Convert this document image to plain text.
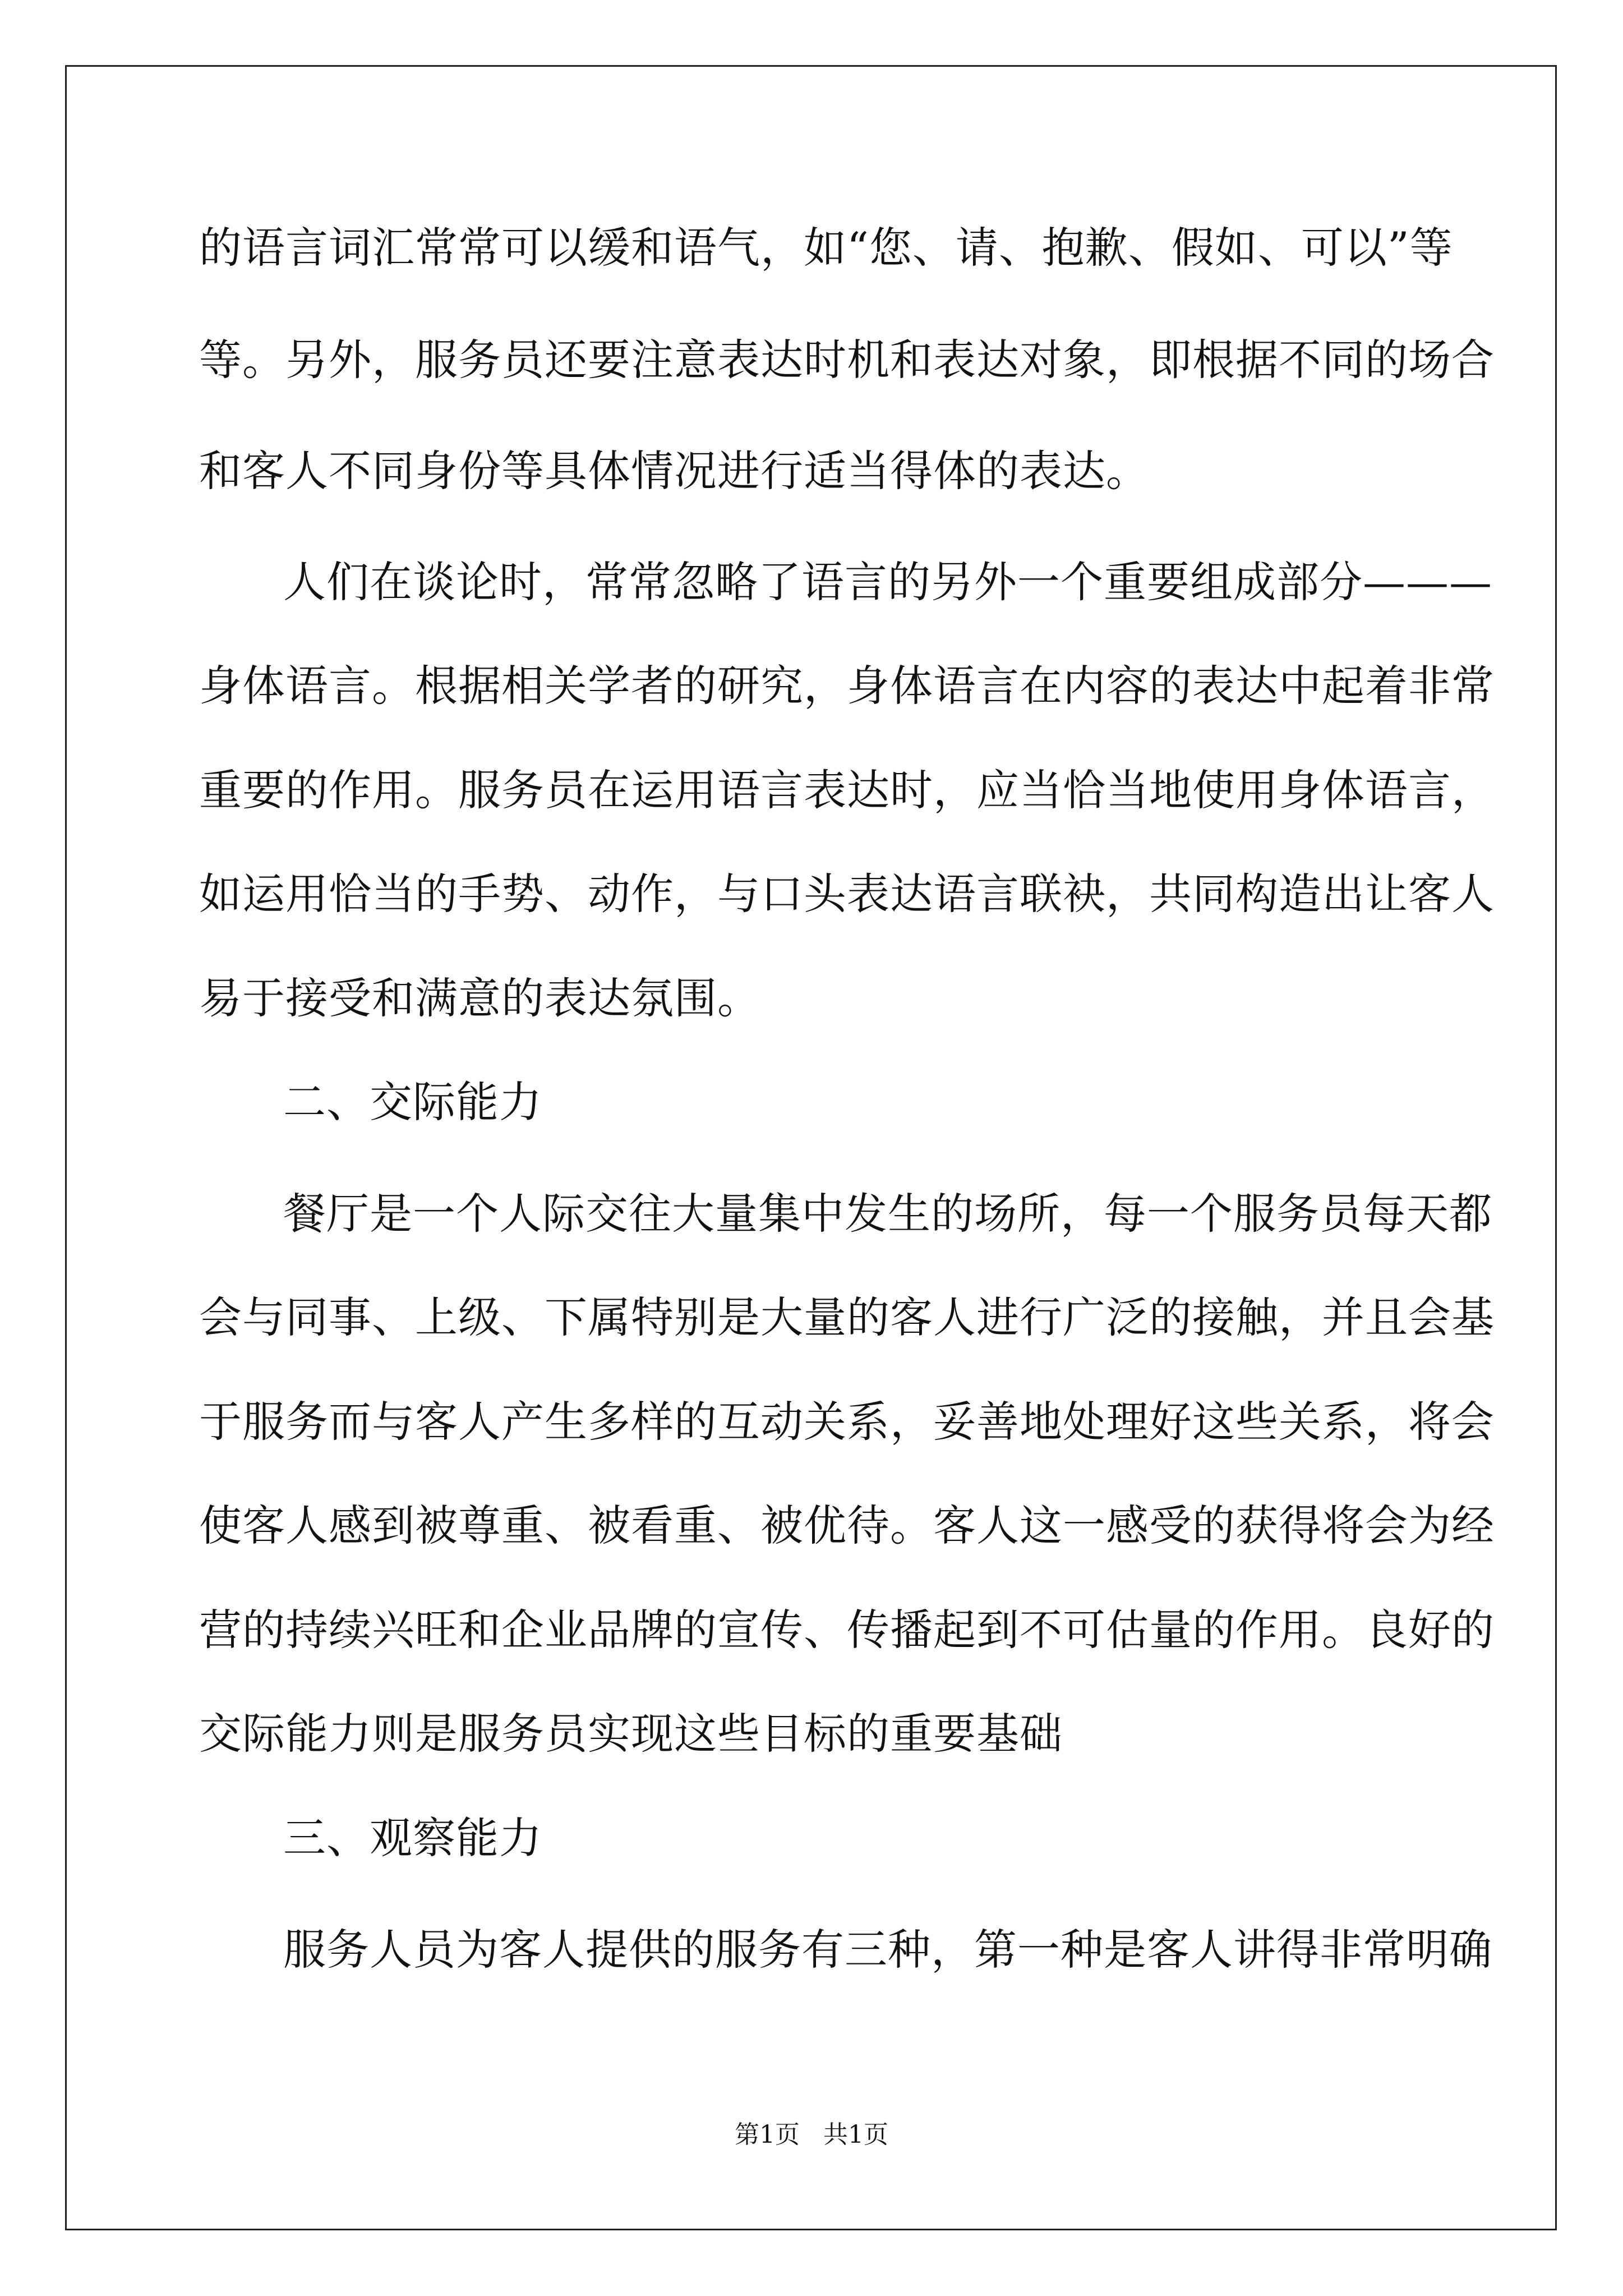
的语言词汇常常可以缓和语气，如“您、请、抱歉、假如、可以”等
等。另外，服务员还要注意表达时机和表达对象，即根据不同的场合
和客人不同身份等具体情况进行适当得体的表达。
人们在谈论时，常常忽略了语言的另外一个重要组成部分———
身体语言。根据相关学者的研究，身体语言在内容的表达中起着非常
重要的作用。服务员在运用语言表达时，应当恰当地使用身体语言，
如运用恰当的手势、动作，与口头表达语言联袂，共同构造出让客人
易于接受和满意的表达氛围。
二、交际能力
餐厅是一个人际交往大量集中发生的场所，每一个服务员每天都
会与同事、上级、下属特别是大量的客人进行广泛的接触，并且会基
于服务而与客人产生多样的互动关系，妥善地处理好这些关系，将会
使客人感到被尊重、被看重、被优待。客人这一感受的获得将会为经
营的持续兴旺和企业品牌的宣传、传播起到不可估量的作用。良好的
交际能力则是服务员实现这些目标的重要基础
三、观察能力
服务人员为客人提供的服务有三种，第一种是客人讲得非常明确
第1页   共1页
